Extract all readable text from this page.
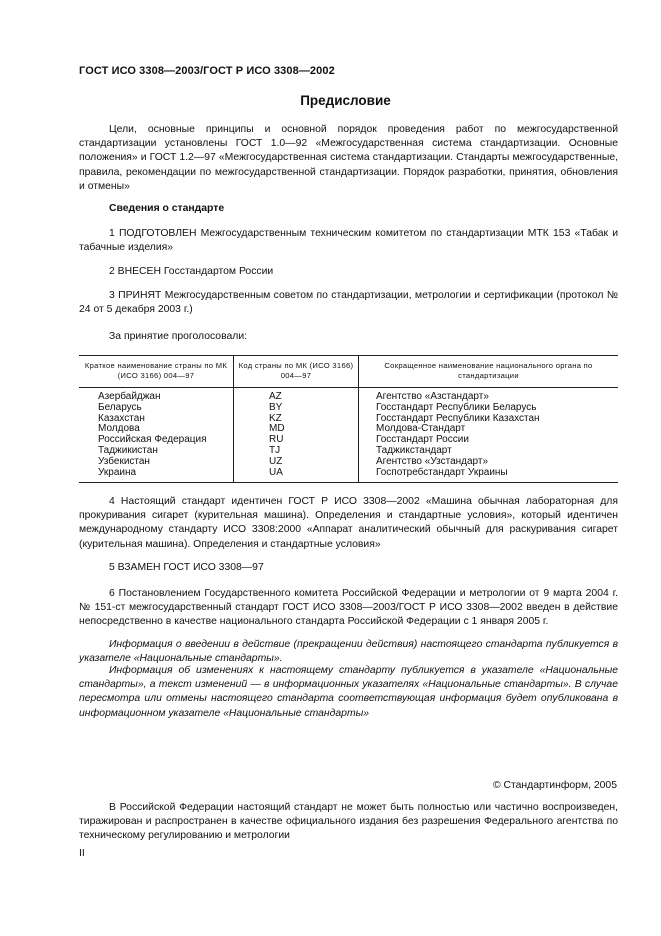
ГОСТ ИСО 3308—2003/ГОСТ Р ИСО 3308—2002
Предисловие

Цели, основные принципы и основной порядок проведения работ по межгосударственной стандартизации установлены ГОСТ 1.0—92 «Межгосударственная система стандартизации. Основные положения» и ГОСТ 1.2—97 «Межгосударственная система стандартизации. Стандарты межгосударственные, правила, рекомендации по межгосударственной стандартизации. Порядок разработки, принятия, обновления и отмены»

Сведения о стандарте

1 ПОДГОТОВЛЕН Межгосударственным техническим комитетом по стандартизации МТК 153 «Табак и табачные изделия»

2 ВНЕСЕН Госстандартом России

3 ПРИНЯТ Межгосударственным советом по стандартизации, метрологии и сертификации (протокол № 24 от 5 декабря 2003 г.)

За принятие проголосовали:

Краткое наименование страны по МК (ИСО 3166) 004—97	Код страны по МК (ИСО 3166) 004—97	Сокращенное наименование национального органа по стандартизации
Азербайджан	AZ	Агентство «Азстандарт»
Беларусь	BY	Госстандарт Республики Беларусь
Казахстан	KZ	Госстандарт Республики Казахстан
Молдова	MD	Молдова-Стандарт
Российская Федерация	RU	Госстандарт России
Таджикистан	TJ	Таджикстандарт
Узбекистан	UZ	Агентство «Узстандарт»
Украина	UA	Госпотребстандарт Украины

4 Настоящий стандарт идентичен ГОСТ Р ИСО 3308—2002 «Машина обычная лабораторная для прокуривания сигарет (курительная машина). Определения и стандартные условия», который идентичен международному стандарту ИСО 3308:2000 «Аппарат аналитический обычный для раскуривания сигарет (курительная машина). Определения и стандартные условия»

5 ВЗАМЕН ГОСТ ИСО 3308—97

6 Постановлением Государственного комитета Российской Федерации и метрологии от 9 марта 2004 г. № 151-ст межгосударственный стандарт ГОСТ ИСО 3308—2003/ГОСТ Р ИСО 3308—2002 введен в действие непосредственно в качестве национального стандарта Российской Федерации с 1 января 2005 г.

Информация о введении в действие (прекращении действия) настоящего стандарта публикуется в указателе «Национальные стандарты».

Информация об изменениях к настоящему стандарту публикуется в указателе «Национальные стандарты», а текст изменений — в информационных указателях «Национальные стандарты». В случае пересмотра или отмены настоящего стандарта соответствующая информация будет опубликована в информационном указателе «Национальные стандарты»

© Стандартинформ, 2005

В Российской Федерации настоящий стандарт не может быть полностью или частично воспроизведен, тиражирован и распространен в качестве официального издания без разрешения Федерального агентства по техническому регулированию и метрологии

II
